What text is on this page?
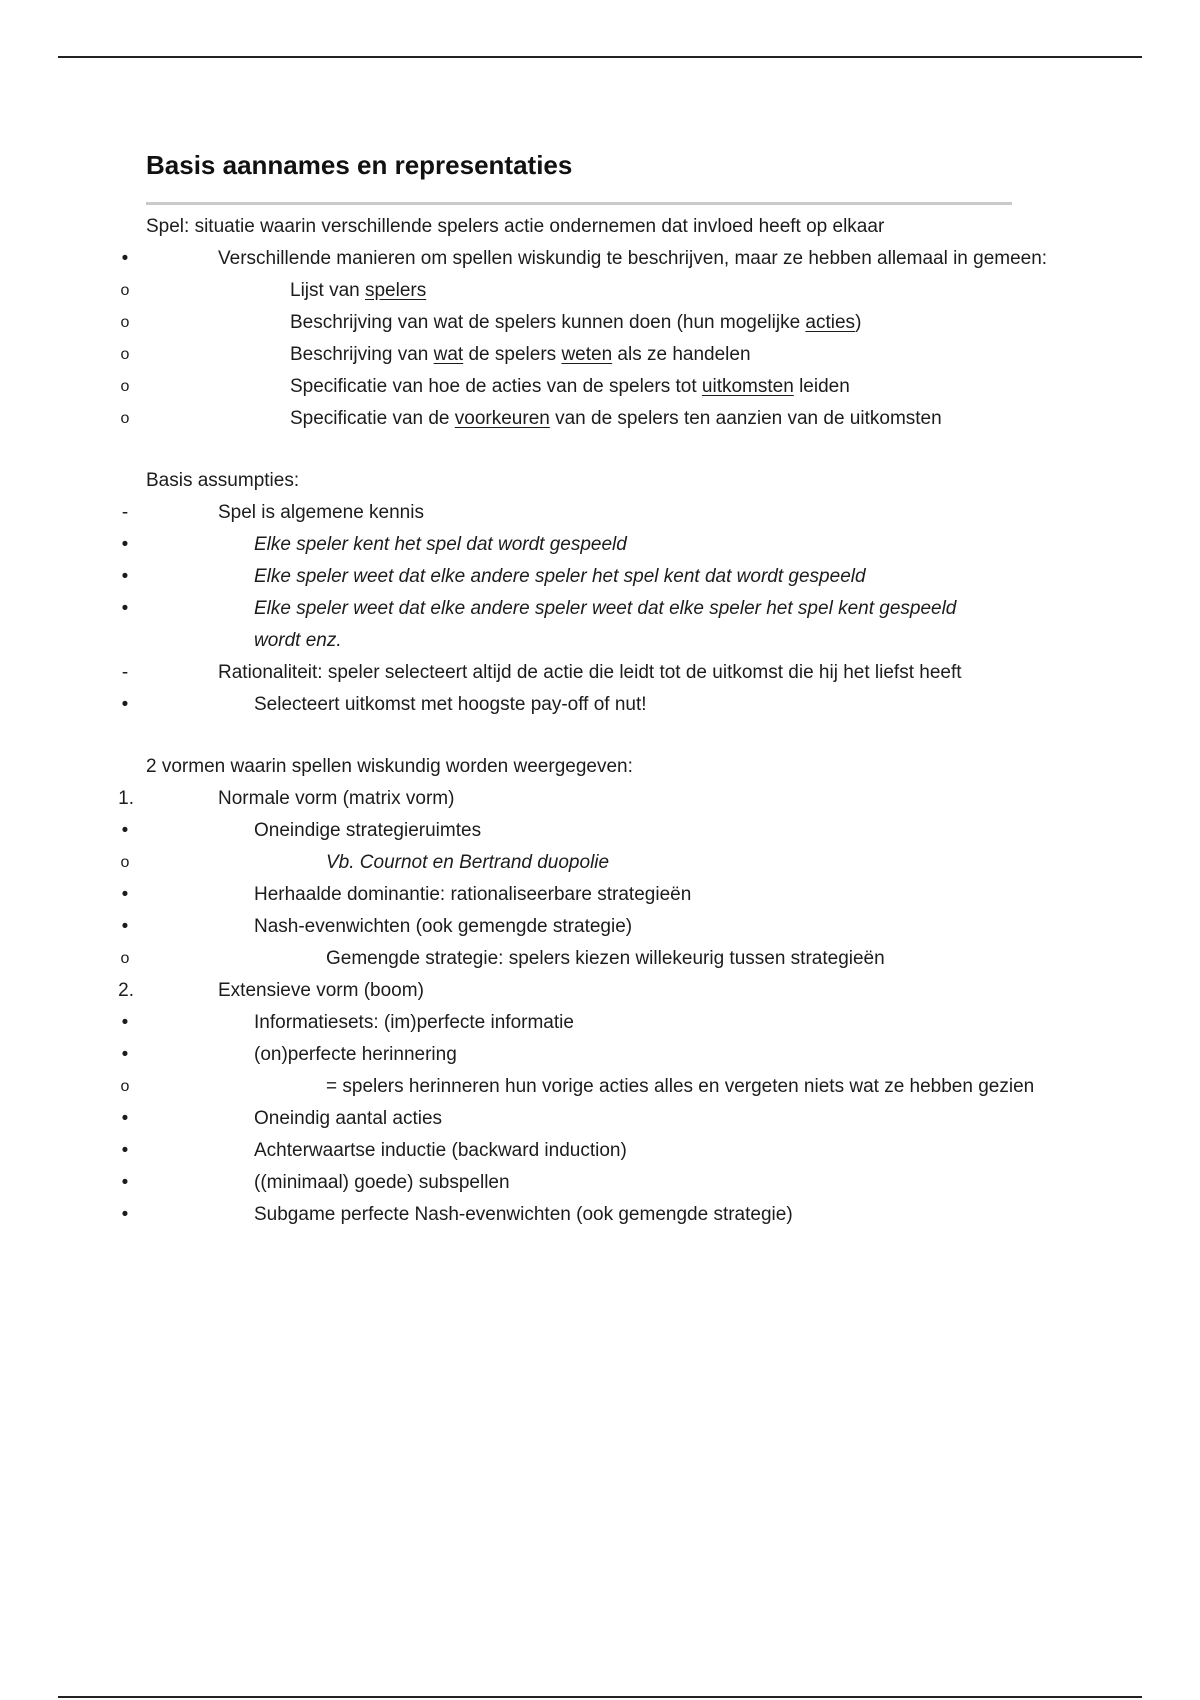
Basis aannames en representaties

Spel: situatie waarin verschillende spelers actie ondernemen dat invloed heeft op elkaar

•	Verschillende manieren om spellen wiskundig te beschrijven, maar ze hebben allemaal in gemeen:
o	Lijst van spelers
o	Beschrijving van wat de spelers kunnen doen (hun mogelijke acties)
o	Beschrijving van wat de spelers weten als ze handelen
o	Specificatie van hoe de acties van de spelers tot uitkomsten leiden
o	Specificatie van de voorkeuren van de spelers ten aanzien van de uitkomsten

Basis assumpties:

-	Spel is algemene kennis
•	Elke speler kent het spel dat wordt gespeeld
•	Elke speler weet dat elke andere speler het spel kent dat wordt gespeeld
•	Elke speler weet dat elke andere speler weet dat elke speler het spel kent gespeeld wordt enz.
-	Rationaliteit: speler selecteert altijd de actie die leidt tot de uitkomst die hij het liefst heeft
•	Selecteert uitkomst met hoogste pay-off of nut!

2 vormen waarin spellen wiskundig worden weergegeven:

1.	Normale vorm (matrix vorm)
•	Oneindige strategieruimtes
o	Vb. Cournot en Bertrand duopolie
•	Herhaalde dominantie: rationaliseerbare strategieën
•	Nash-evenwichten (ook gemengde strategie)
o	Gemengde strategie: spelers kiezen willekeurig tussen strategieën
2.	Extensieve vorm (boom)
•	Informatiesets: (im)perfecte informatie
•	(on)perfecte herinnering
o	= spelers herinneren hun vorige acties alles en vergeten niets wat ze hebben gezien
•	Oneindig aantal acties
•	Achterwaartse inductie (backward induction)
•	((minimaal) goede) subspellen
•	Subgame perfecte Nash-evenwichten (ook gemengde strategie)
